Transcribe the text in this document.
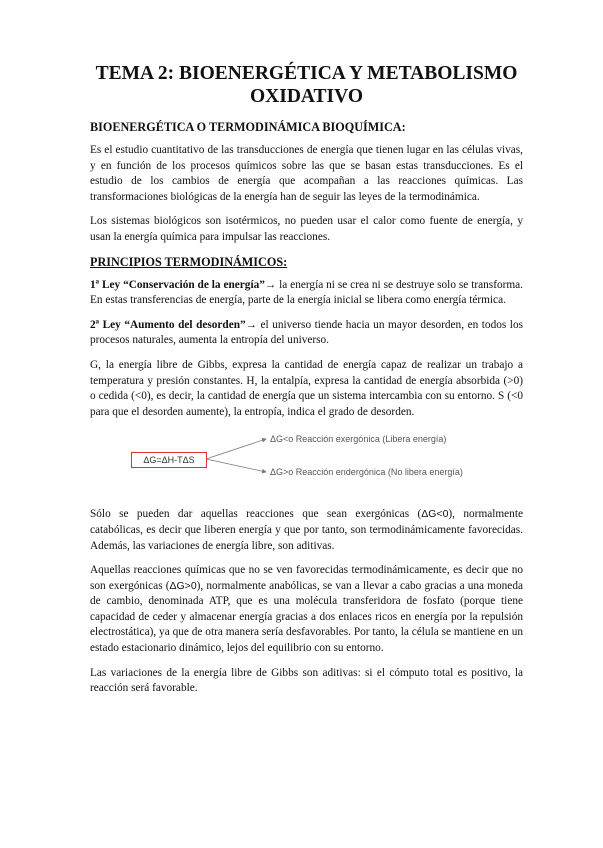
TEMA 2: BIOENERGÉTICA Y METABOLISMO OXIDATIVO
BIOENERGÉTICA O TERMODINÁMICA BIOQUÍMICA:

Es el estudio cuantitativo de las transducciones de energía que tienen lugar en las células vivas, y en función de los procesos químicos sobre las que se basan estas transducciones. Es el estudio de los cambios de energía que acompañan a las reacciones químicas. Las transformaciones biológicas de la energía han de seguir las leyes de la termodinámica.

Los sistemas biológicos son isotérmicos, no pueden usar el calor como fuente de energía, y usan la energía química para impulsar las reacciones.

PRINCIPIOS TERMODINÁMICOS:

1ª Ley “Conservación de la energía”→ la energía ni se crea ni se destruye solo se transforma. En estas transferencias de energía, parte de la energía inicial se libera como energía térmica.

2ª Ley “Aumento del desorden”→ el universo tiende hacia un mayor desorden, en todos los procesos naturales, aumenta la entropía del universo.

G, la energía libre de Gibbs, expresa la cantidad de energía capaz de realizar un trabajo a temperatura y presión constantes. H, la entalpía, expresa la cantidad de energía absorbida (>0) o cedida (<0), es decir, la cantidad de energía que un sistema intercambia con su entorno. S (<0 para que el desorden aumente), la entropía, indica el grado de desorden.

ΔG=ΔH-TΔS
ΔG<o Reacción exergónica (Libera energía)
ΔG>o Reacción endergónica (No libera energía)

Sólo se pueden dar aquellas reacciones que sean exergónicas (ΔG<0), normalmente catabólicas, es decir que liberen energía y que por tanto, son termodinámicamente favorecidas. Además, las variaciones de energía libre, son aditivas.

Aquellas reacciones químicas que no se ven favorecidas termodinámicamente, es decir que no son exergónicas (ΔG>0), normalmente anabólicas, se van a llevar a cabo gracias a una moneda de cambio, denominada ATP, que es una molécula transferidora de fosfato (porque tiene capacidad de ceder y almacenar energía gracias a dos enlaces ricos en energía por la repulsión electrostática), ya que de otra manera sería desfavorables. Por tanto, la célula se mantiene en un estado estacionario dinámico, lejos del equilibrio con su entorno.

Las variaciones de la energía libre de Gibbs son aditivas: si el cómputo total es positivo, la reacción será favorable.
